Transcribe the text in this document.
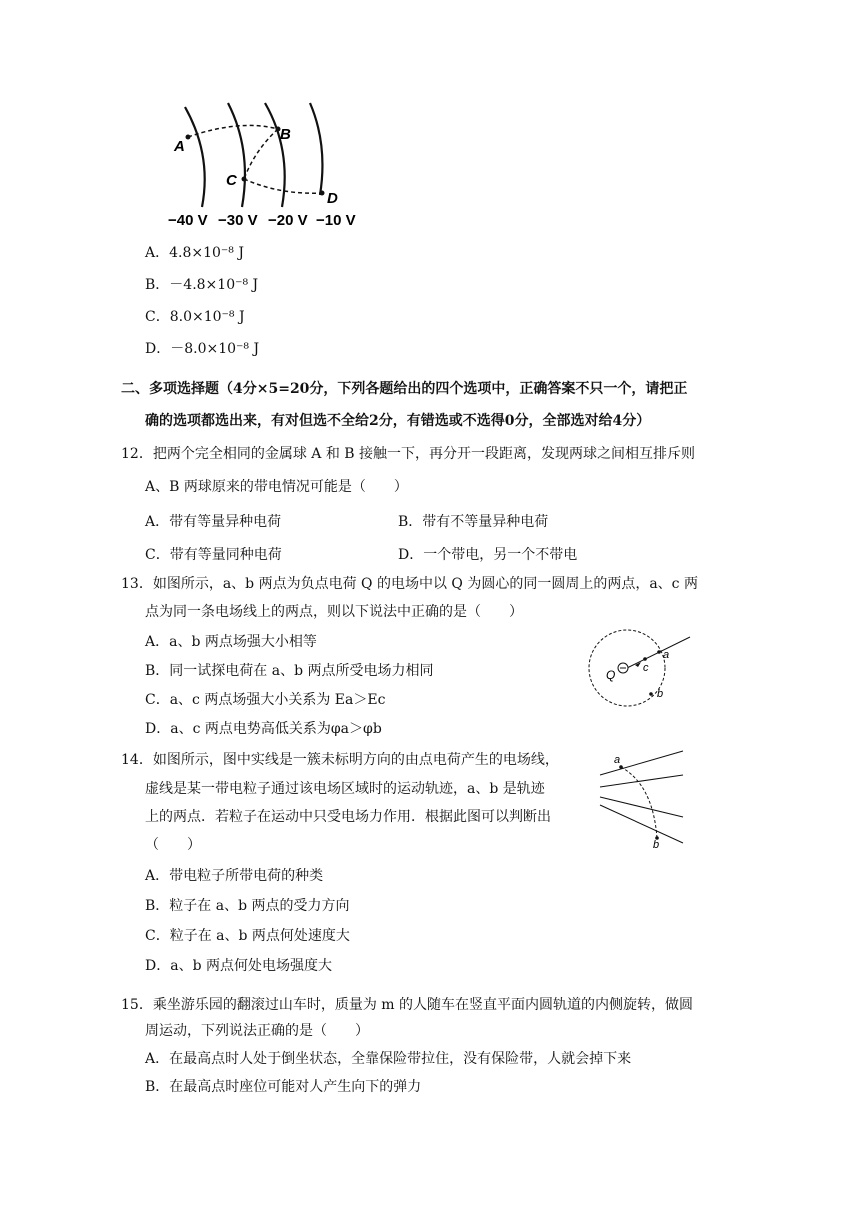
A
B
C
D
−40 V −30 V −20 V −10 V
A．4.8×10⁻⁸ J
B．－4.8×10⁻⁸ J
C．8.0×10⁻⁸ J
D．－8.0×10⁻⁸ J
二、多项选择题（4分×5=20分，下列各题给出的四个选项中，正确答案不只一个，请把正
确的选项都选出来，有对但选不全给2分，有错选或不选得0分，全部选对给4分）
12．把两个完全相同的金属球 A 和 B 接触一下，再分开一段距离，发现两球之间相互排斥则
A、B 两球原来的带电情况可能是（　　）
A．带有等量异种电荷	B．带有不等量异种电荷
C．带有等量同种电荷	D．一个带电，另一个不带电
13．如图所示，a、b 两点为负点电荷 Q 的电场中以 Q 为圆心的同一圆周上的两点，a、c 两
点为同一条电场线上的两点，则以下说法中正确的是（　　）
A．a、b 两点场强大小相等
B．同一试探电荷在 a、b 两点所受电场力相同
C．a、c 两点场强大小关系为 Ea＞Ec
D．a、c 两点电势高低关系为φa＞φb
Q	c
a
b
14．如图所示，图中实线是一簇未标明方向的由点电荷产生的电场线，
虚线是某一带电粒子通过该电场区域时的运动轨迹，a、b 是轨迹
上的两点．若粒子在运动中只受电场力作用．根据此图可以判断出
（　　）
A．带电粒子所带电荷的种类
B．粒子在 a、b 两点的受力方向
C．粒子在 a、b 两点何处速度大
D．a、b 两点何处电场强度大
a
b
15．乘坐游乐园的翻滚过山车时，质量为 m 的人随车在竖直平面内圆轨道的内侧旋转，做圆
周运动，下列说法正确的是（　　）
A．在最高点时人处于倒坐状态，全靠保险带拉住，没有保险带，人就会掉下来
B．在最高点时座位可能对人产生向下的弹力
